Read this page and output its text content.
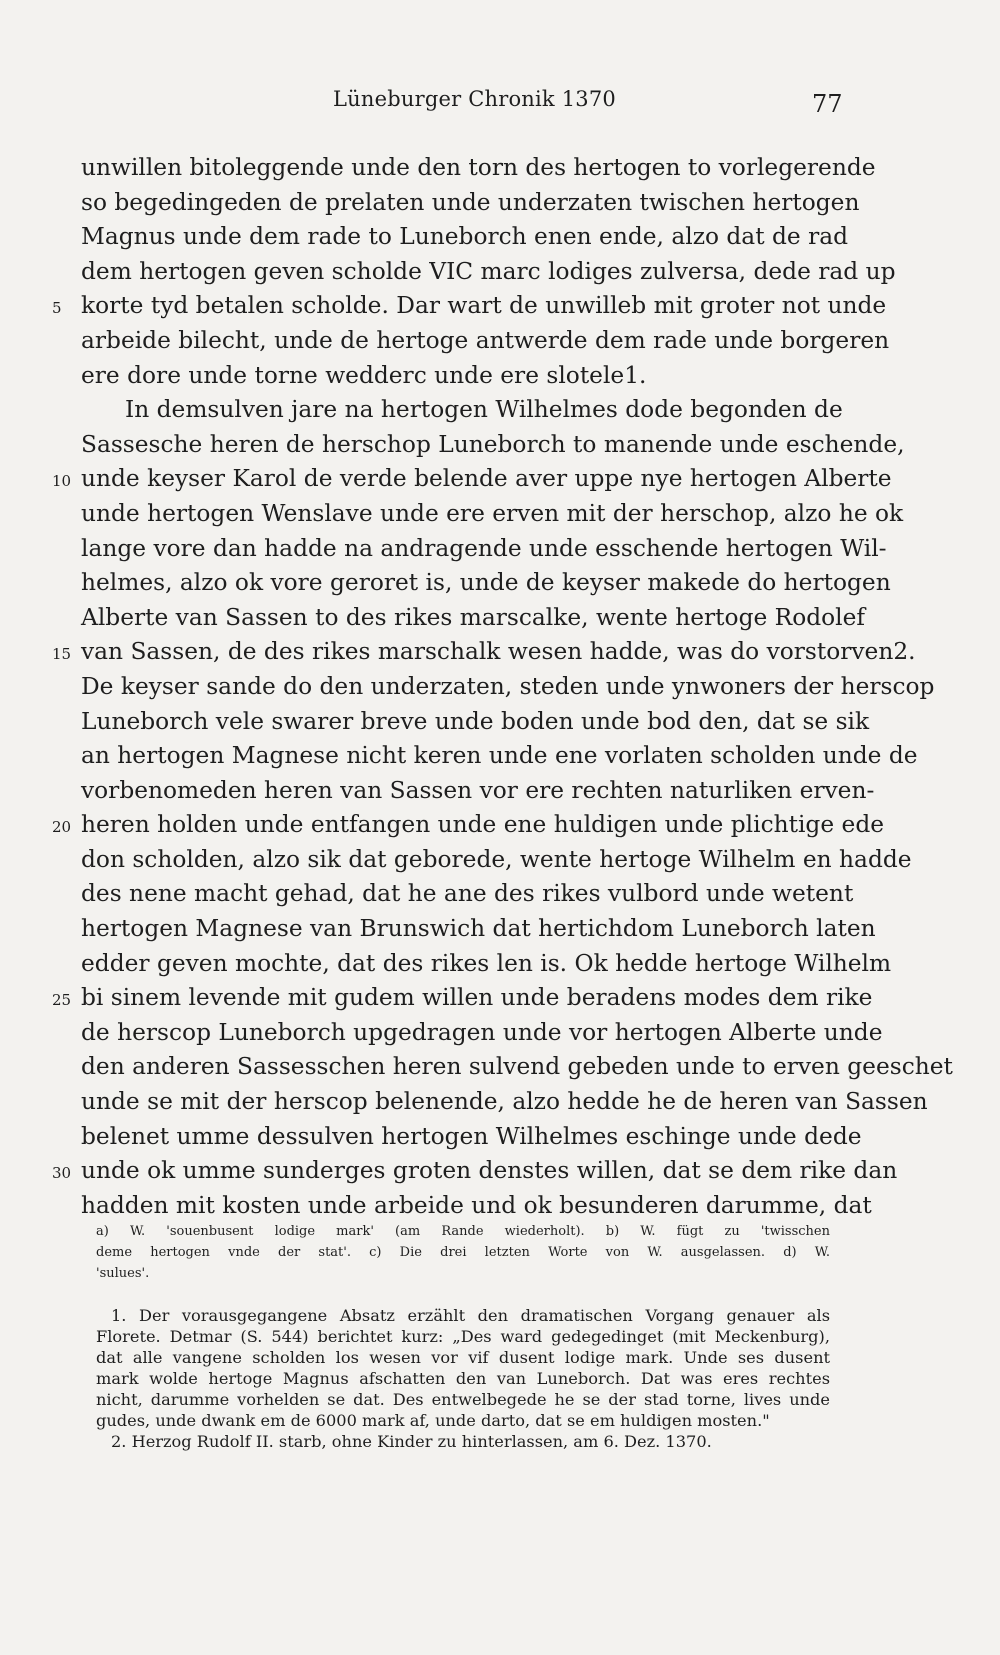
Lüneburger Chronik 1370	77
unwillen bitoleggende unde den torn des hertogen to vorlegerende
so begedingeden de prelaten unde underzaten twischen hertogen
Magnus unde dem rade to Luneborch enen ende, alzo dat de rad
dem hertogen geven scholde VIC marc lodiges zulversa, dede rad up
5 korte tyd betalen scholde. Dar wart de unwilleb mit groter not unde
arbeide bilecht, unde de hertoge antwerde dem rade unde borgeren
ere dore unde torne wedderc unde ere slotele1.
In demsulven jare na hertogen Wilhelmes dode begonden de
Sassesche heren de herschop Luneborch to manende unde eschende,
10 unde keyser Karol de verde belende aver uppe nye hertogen Alberte
unde hertogen Wenslave unde ere erven mit der herschop, alzo he ok
lange vore dan hadde na andragende unde esschende hertogen Wil-
helmes, alzo ok vore geroret is, unde de keyser makede do hertogen
Alberte van Sassen to des rikes marscalke, wente hertoge Rodolef
15 van Sassen, de des rikes marschalk wesen hadde, was do vorstorven2.
De keyser sande do den underzaten, steden unde ynwoners der herscop
Luneborch vele swarer breve unde boden unde bod den, dat se sik
an hertogen Magnese nicht keren unde ene vorlaten scholden unde de
vorbenomeden heren van Sassen vor ere rechten naturliken erven-
20 heren holden unde entfangen unde ene huldigen unde plichtige ede
don scholden, alzo sik dat geborede, wente hertoge Wilhelm en hadde
des nene macht gehad, dat he ane des rikes vulbord unde wetent
hertogen Magnese van Brunswich dat hertichdom Luneborch laten
edder geven mochte, dat des rikes len is. Ok hedde hertoge Wilhelm
25 bi sinem levende mit gudem willen unde beradens modes dem rike
de herscop Luneborch upgedragen unde vor hertogen Alberte unde
den anderen Sassesschen heren sulvend gebeden unde to erven geeschet
unde se mit der herscop belenende, alzo hedde he de heren van Sassen
belenet umme dessulven hertogen Wilhelmes eschinge unde dede
30 unde ok umme sunderges groten denstes willen, dat se dem rike dan
hadden mit kosten unde arbeide und ok besunderen darumme, dat
a) W. 'souenbusent lodige mark' (am Rande wiederholt). b) W. fügt zu 'twisschen
deme hertogen vnde der stat'. c) Die drei letzten Worte von W. ausgelassen. d) W.
'sulues'.
1. Der vorausgegangene Absatz erzählt den dramatischen Vorgang genauer als
Florete. Detmar (S. 544) berichtet kurz: „Des ward gedegedinget (mit Meckenburg),
dat alle vangene scholden los wesen vor vif dusent lodige mark. Unde ses dusent
mark wolde hertoge Magnus afschatten den van Luneborch. Dat was eres rechtes
nicht, darumme vorhelden se dat. Des entwelbegede he se der stad torne, lives unde
gudes, unde dwank em de 6000 mark af, unde darto, dat se em huldigen mosten."
2. Herzog Rudolf II. starb, ohne Kinder zu hinterlassen, am 6. Dez. 1370.
